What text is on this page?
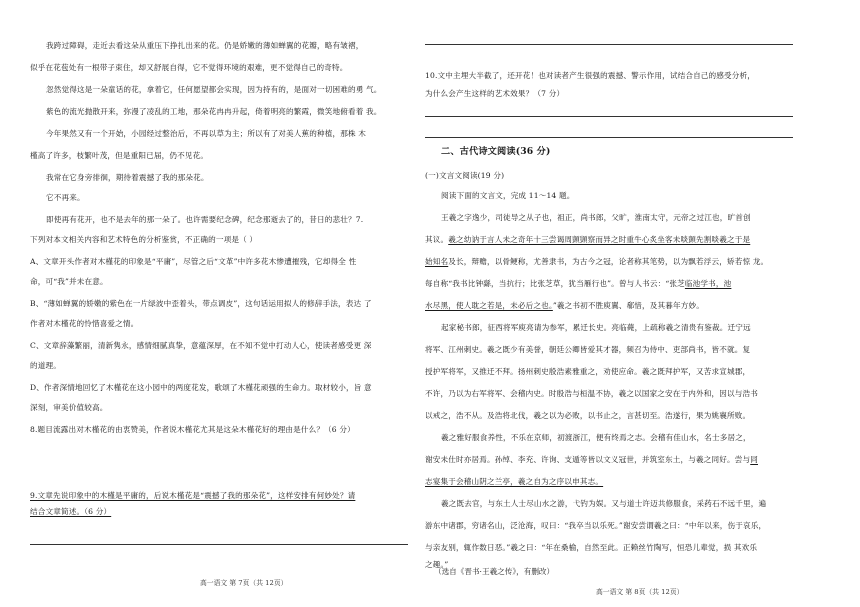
我跨过障碍，走近去看这朵从重压下挣扎出来的花。仍是娇嫩的薄如蝉翼的花瓣，略有皱褶，
似乎在花苞处有一根带子束住，却又舒展自得，它不觉得环境的艰难，更不觉得自己的奇特。
忽然觉得这是一朵童话的花，拿着它，任何愿望都会实现，因为持有的，是面对一切困难的勇 气。
紫色的流光抛散开来，弥漫了凌乱的工地，那朵花冉冉升起，倚着明亮的繁霞，微笑地俯看着 我。
今年果然又有一个开始，小园经过整治后，不再以草为主；所以有了对美人蕉的种植，那株 木
槿高了许多，枝繁叶茂，但是重阳已届，仍不见花。
我常在它身旁徘徊，期待着震撼了我的那朵花。
它不再来。
即使再有花开，也不是去年的那一朵了。也许需要纪念碑，纪念那逝去了的，昔日的悲壮？7.
下列对本文相关内容和艺术特色的分析鉴赏，不正确的一项是（ ）
A、文章开头作者对木槿花的印象是“平庸”，尽管之后“文革”中许多花木惨遭摧残，它却得全 性
命，可“我”并未在意。
B、“薄如蝉翼的娇嫩的紫色在一片绿波中歪着头，带点调皮”，这句话运用拟人的修辞手法，表达 了
作者对木槿花的怜惜喜爱之情。
C、文章辞藻繁丽，清新隽永，感情细腻真挚，意蕴深厚，在不知不觉中打动人心，使读者感受更 深
的道理。
D、作者深情地回忆了木槿花在这小园中的两度花发，歌颂了木槿花顽强的生命力。取材较小，旨 意
深刻，审美价值较高。
8.题目流露出对木槿花的由衷赞美，作者说木槿花尤其是这朵木槿花好的理由是什么？（6 分）
9.文章先说印象中的木槿是平庸的，后说木槿花是“震撼了我的那朵花”，这样安排有何妙处？请
结合文章简述。（6 分）
高一语文 第 7页（共 12页）
10.文中主埋大半截了，还开花！也对读者产生很强的震撼、警示作用，试结合自己的感受分析，
为什么会产生这样的艺术效果？（7 分）
二、古代诗文阅读(36 分)
(一)文言文阅读(19 分)
阅读下面的文言文，完成 11～14 题。
王羲之字逸少，司徒导之从子也，祖正，尚书郎，父旷，淮南太守，元帝之过江也，旷首创
其议。羲之幼讷于言人未之奇年十三尝谒周顗顗察而异之时重牛心炙坐客未啖顗先割啖羲之于是
始知名及长，辩赡，以骨鲠称，尤善隶书，为古今之冠，论者称其笔势，以为飘若浮云，矫若惊 龙。
每自称“我书比钟繇，当抗行；比张芝草，犹当雁行也”。曾与人书云：“张芝临池学书，池
水尽黑，使人耽之若是，未必后之也。”羲之书初不胜庾翼、郗愔，及其暮年方妙。
起家秘书郎，征西将军庾亮请为参军，累迁长史。亮临薨，上疏称羲之清贵有鉴裁。迁宁远
将军、江州刺史。羲之既少有美誉，朝廷公卿皆爱其才器，频召为侍中、吏部尚书，皆不就。复
授护军将军，又推迁不拜。扬州刺史殷浩素雅重之，劝使应命。羲之既拜护军，又苦求宣城郡，
不许，乃以为右军将军、会稽内史。时殷浩与桓温不协，羲之以国家之安在于内外和，因以与浩书
以戒之，浩不从。及浩将北伐，羲之以为必败，以书止之，言甚切至。浩遂行，果为姚襄所败。
羲之雅好服食养性，不乐在京师，初渡浙江，便有终焉之志。会稽有佳山水，名士多居之，
谢安未仕时亦居焉。孙绰、李充、许询、支遁等皆以文义冠世，并筑室东土，与羲之同好。尝与同
志宴集于会稽山阴之兰亭，羲之自为之序以申其志。
羲之既去官，与东土人士尽山水之游，弋钓为娱。又与道士许迈共修服食，采药石不远千里，遍
游东中诸郡，穷诸名山，泛沧海，叹曰：“我卒当以乐死。”谢安尝谓羲之曰：“中年以来，伤于哀乐，
与亲友别，辄作数日恶。”羲之曰：“年在桑榆，自然至此。正赖丝竹陶写，恒恐儿辈觉，损 其欢乐
之趣。”
（选自《晋书·王羲之传》，有删改）
高一语文 第 8页（共 12页）
